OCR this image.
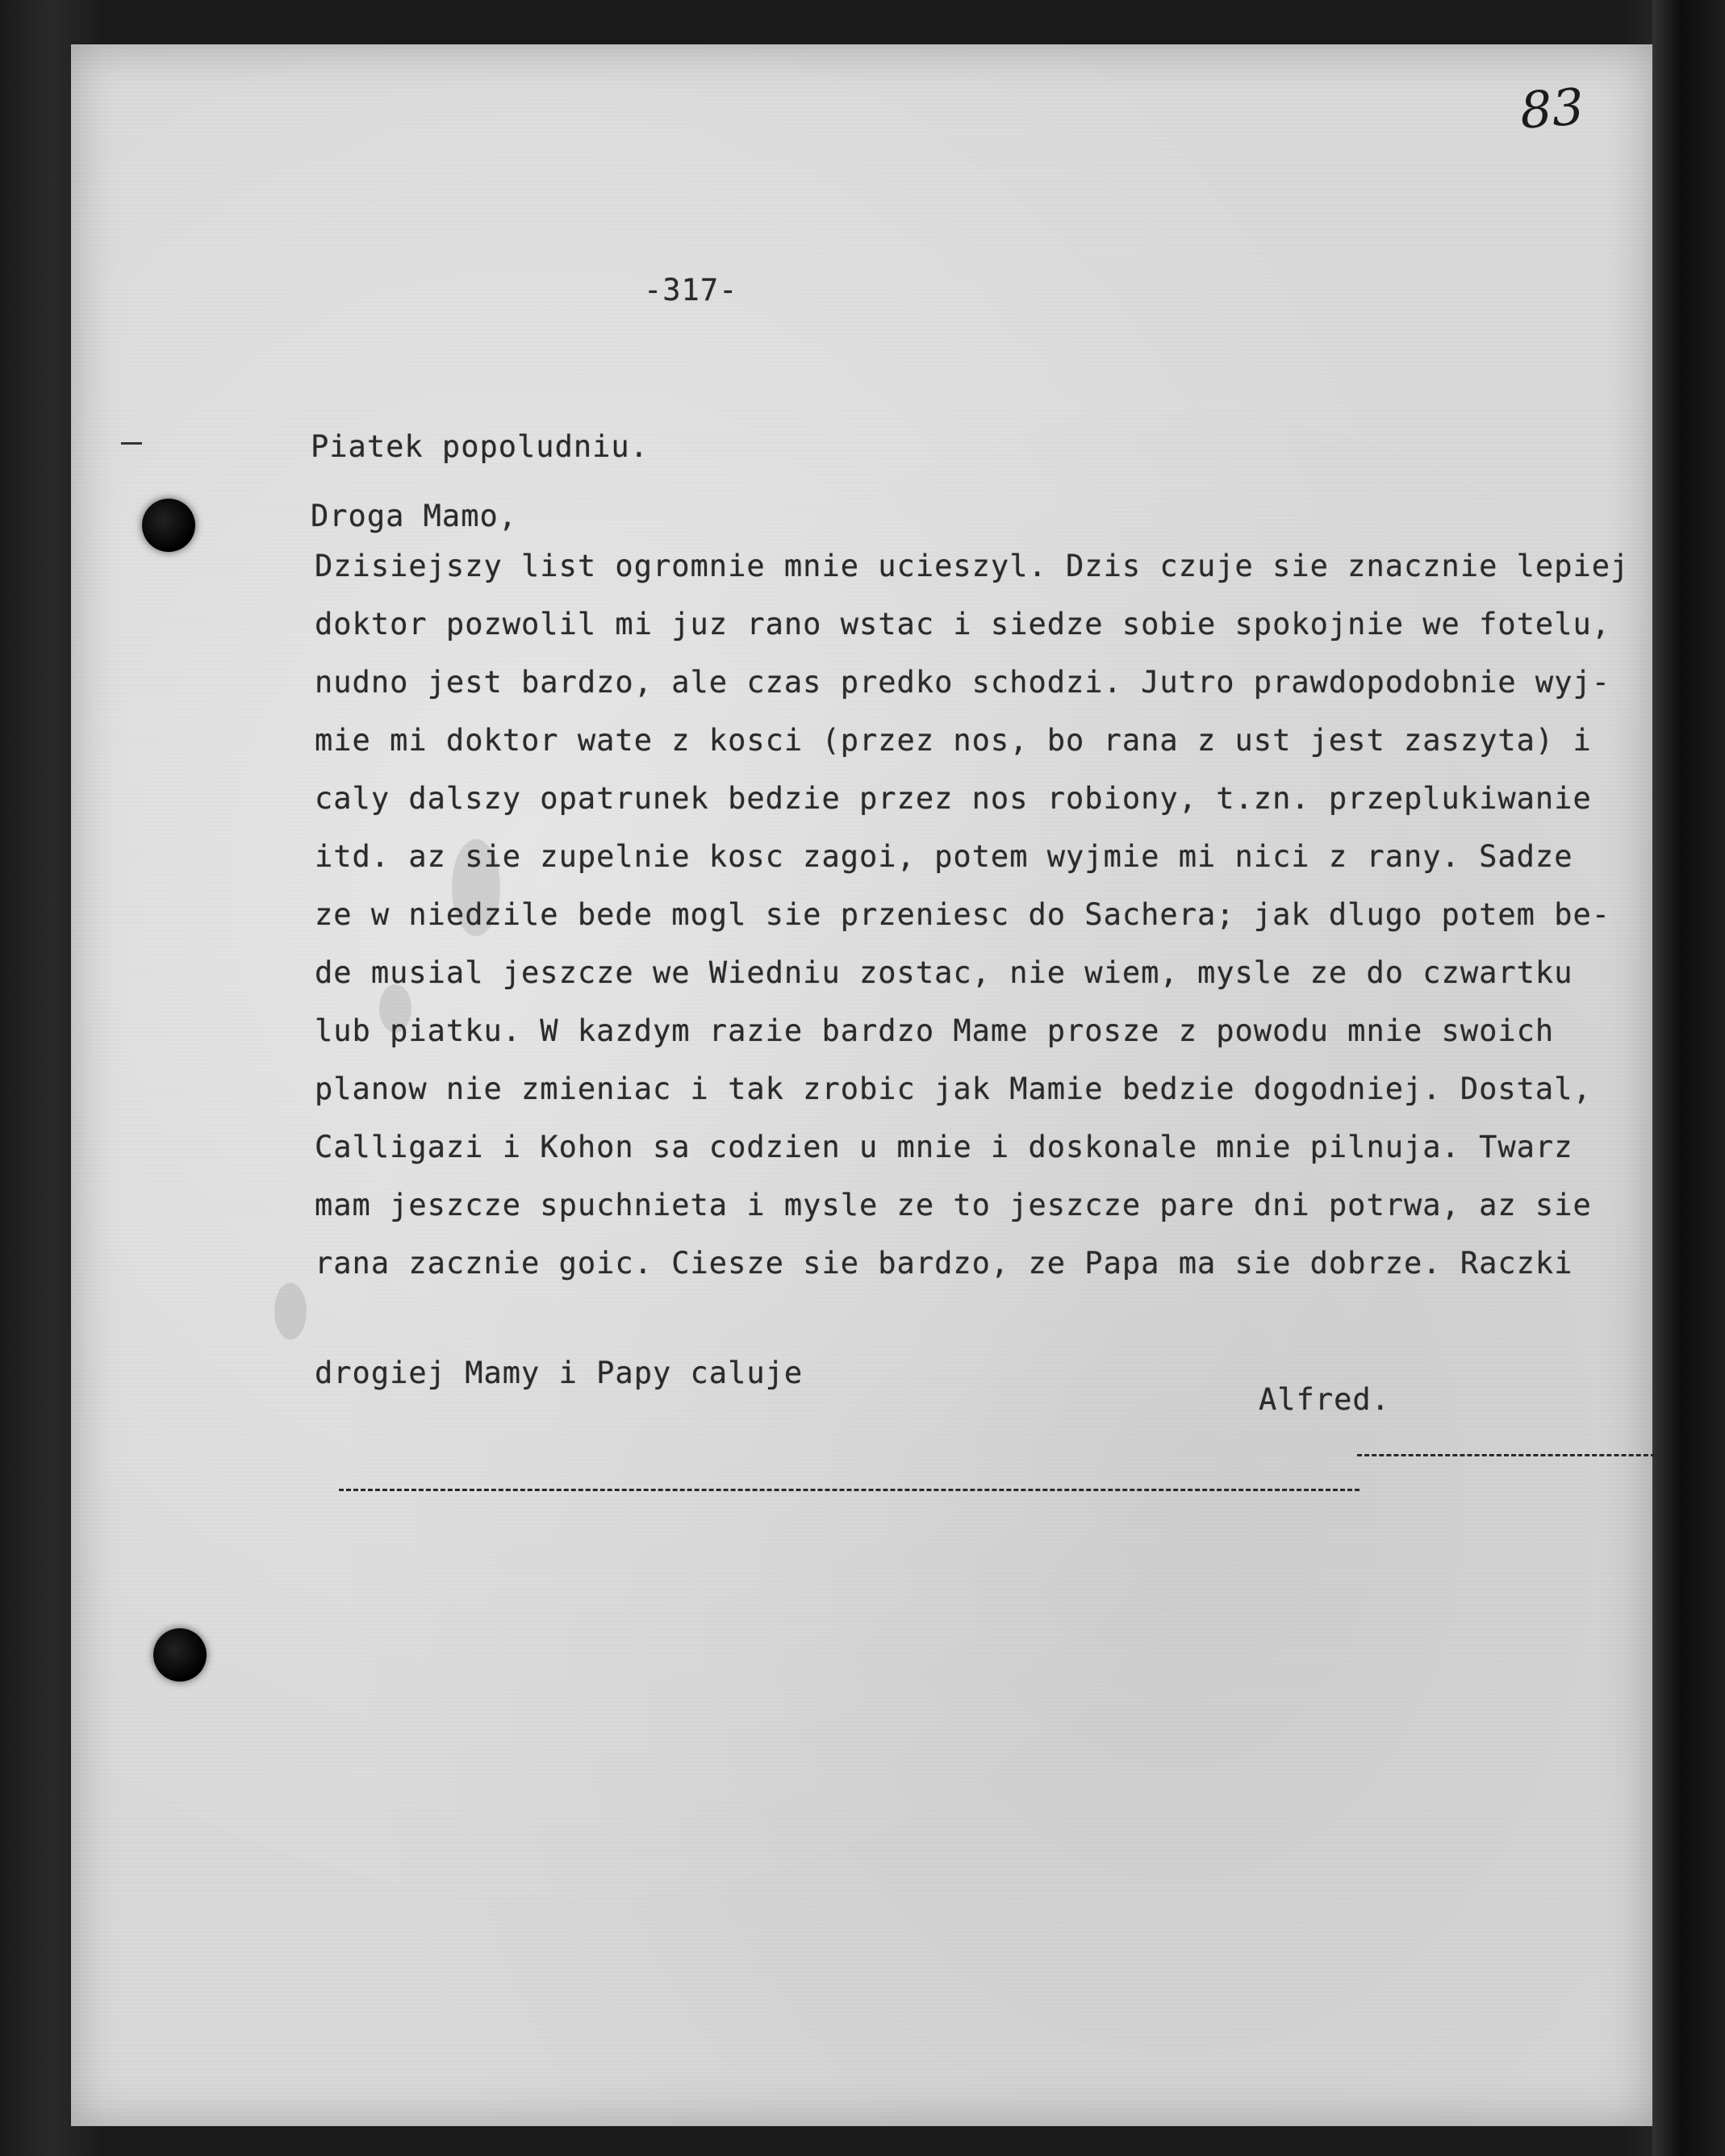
83
-317-
Piatek popoludniu.
Droga Mamo,
Dzisiejszy list ogromnie mnie ucieszyl. Dzis czuje sie znacznie lepiej
doktor pozwolil mi juz rano wstac i siedze sobie spokojnie we fotelu,
nudno jest bardzo, ale czas predko schodzi. Jutro prawdopodobnie wyj-
mie mi doktor wate z kosci (przez nos, bo rana z ust jest zaszyta) i
caly dalszy opatrunek bedzie przez nos robiony, t.zn. przeplukiwanie
itd. az sie zupelnie kosc zagoi, potem wyjmie mi nici z rany. Sadze
ze w niedzile bede mogl sie przeniesc do Sachera; jak dlugo potem be-
de musial jeszcze we Wiedniu zostac, nie wiem, mysle ze do czwartku
lub piatku. W kazdym razie bardzo Mame prosze z powodu mnie swoich
planow nie zmieniac i tak zrobic jak Mamie bedzie dogodniej. Dostal,
Calligazi i Kohon sa codzien u mnie i doskonale mnie pilnuja. Twarz
mam jeszcze spuchnieta i mysle ze to jeszcze pare dni potrwa, az sie
rana zacznie goic. Ciesze sie bardzo, ze Papa ma sie dobrze. Raczki
drogiej Mamy i Papy caluje
Alfred.
